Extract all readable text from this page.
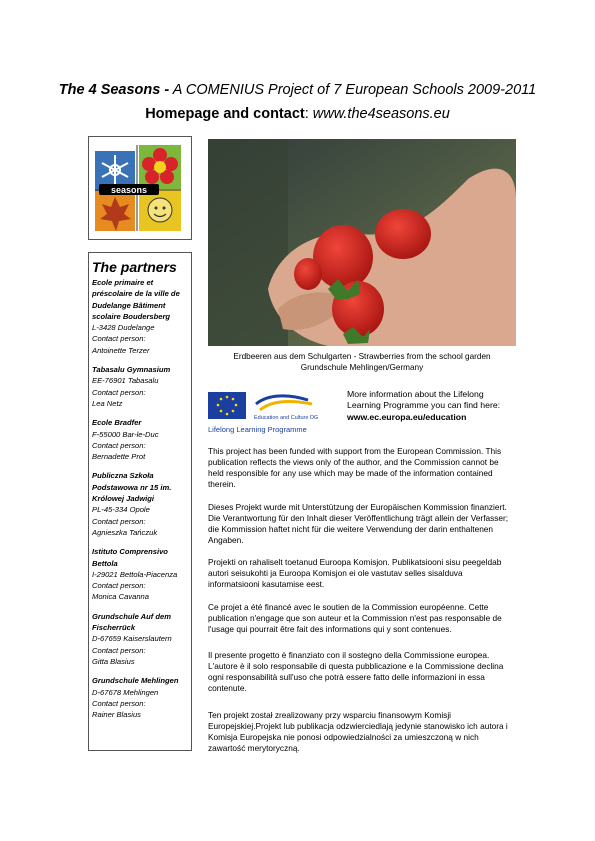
The 4 Seasons - A COMENIUS Project of 7 European Schools 2009-2011
Homepage and contact: www.the4seasons.eu
seasons
The partners
Ecole primaire et préscolaire de la ville de Dudelange Bâtiment scolaire Boudersberg
L-3428 Dudelange
Contact person:
Antoinette Terzer
Tabasalu Gymnasium
EE-76901 Tabasalu
Contact person:
Lea Netz
Ecole Bradfer
F-55000 Bar-le-Duc
Contact person:
Bernadette Prot
Publiczna Szkoła Podstawowa nr 15 im. Królowej Jadwigi
PL-45-334 Opole
Contact person:
Agnieszka Tańczuk
Istituto Comprensivo Bettola
I-29021 Bettola-Piacenza
Contact person:
Monica Cavanna
Grundschule Auf dem Fischerrück
D-67659 Kaiserslautern
Contact person:
Gitta Blasius
Grundschule Mehlingen
D-67678 Mehlingen
Contact person:
Rainer Blasius
Erdbeeren aus dem Schulgarten - Strawberries from the school garden
Grundschule Mehlingen/Germany
Education and Culture DG
Lifelong Learning Programme
More information about the Lifelong Learning Programme you can find here:
www.ec.europa.eu/education

This project has been funded with support from the European Commission. This publication reflects the views only of the author, and the Commission cannot be held responsible for any use which may be made of the information contained therein.

Dieses Projekt wurde mit Unterstützung der Europäischen Kommission finanziert. Die Verantwortung für den Inhalt dieser Veröffentlichung trägt allein der Verfasser; die Kommission haftet nicht für die weitere Verwendung der darin enthaltenen Angaben.

Projekti on rahaliselt toetanud Euroopa Komisjon. Publikatsiooni sisu peegeldab autori seisukohti ja Euroopa Komisjon ei ole vastutav selles sisalduva informatsiooni kasutamise eest.

Ce projet a été financé avec le soutien de la Commission européenne. Cette publication n'engage que son auteur et la Commission n'est pas responsable de l'usage qui pourrait être fait des informations qui y sont contenues.

Il presente progetto è finanziato con il sostegno della Commissione europea. L'autore è il solo responsabile di questa pubblicazione e la Commissione declina ogni responsabilità sull'uso che potrà essere fatto delle informazioni in essa contenute.

Ten projekt został zrealizowany przy wsparciu finansowym Komisji Europejskiej.Projekt lub publikacja odzwierciedlają jedynie stanowisko ich autora i Komisja Europejska nie ponosi odpowiedzialności za umieszczoną w nich zawartość merytoryczną.
